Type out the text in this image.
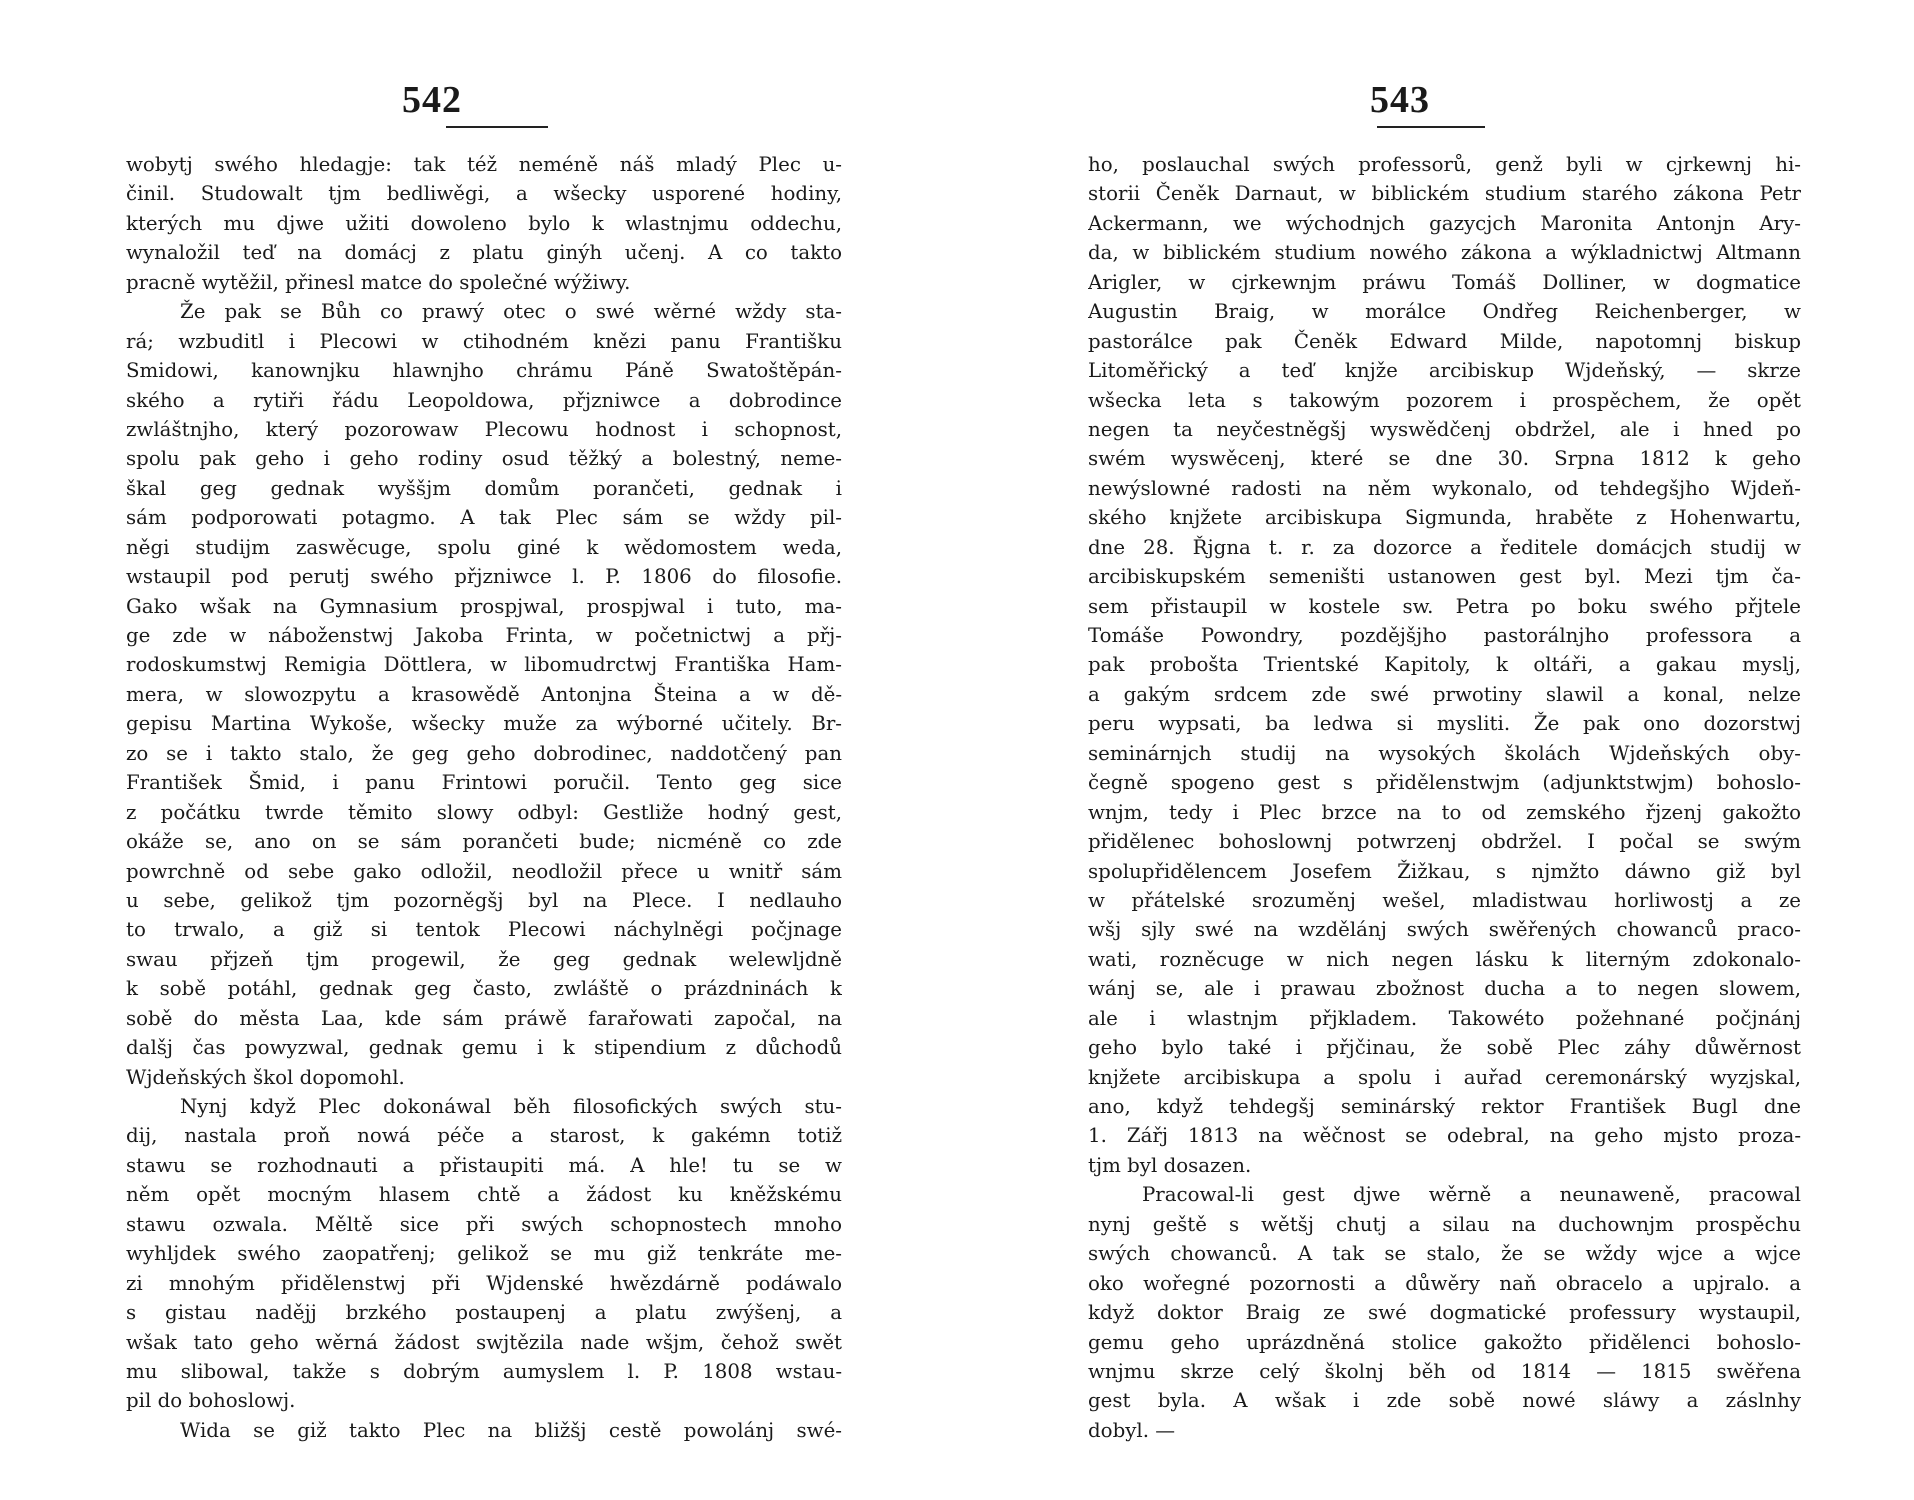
542
wobytj swého hledagje: tak též neméně náš mladý Plec u-
činil. Studowalt tjm bedliwěgi, a wšecky usporené hodiny,
kterých mu djwe užiti dowoleno bylo k wlastnjmu oddechu,
wynaložil teď na domácj z platu ginýh učenj. A co takto
pracně wytěžil, přinesl matce do společné wýžiwy.
Že pak se Bůh co prawý otec o swé wěrné wždy sta-
rá; wzbuditl i Plecowi w ctihodném knězi panu Františku
Smidowi, kanownjku hlawnjho chrámu Páně Swatoštěpán-
ského a rytiři řádu Leopoldowa, přjzniwce a dobrodince
zwláštnjho, který pozorowaw Plecowu hodnost i schopnost,
spolu pak geho i geho rodiny osud těžký a bolestný, neme-
škal geg gednak wyššjm domům porančeti, gednak i
sám podporowati potagmo. A tak Plec sám se wždy pil-
něgi studijm zaswěcuge, spolu giné k wědomostem weda,
wstaupil pod perutj swého přjzniwce l. P. 1806 do filosofie.
Gako wšak na Gymnasium prospjwal, prospjwal i tuto, ma-
ge zde w náboženstwj Jakoba Frinta, w početnictwj a přj-
rodoskumstwj Remigia Döttlera, w libomudrctwj Františka Ham-
mera, w slowozpytu a krasowědě Antonjna Šteina a w dě-
gepisu Martina Wykoše, wšecky muže za wýborné učitely. Br-
zo se i takto stalo, že geg geho dobrodinec, naddotčený pan
František Šmid, i panu Frintowi poručil. Tento geg sice
z počátku twrde těmito slowy odbyl: Gestliže hodný gest,
okáže se, ano on se sám porančeti bude; nicméně co zde
powrchně od sebe gako odložil, neodložil přece u wnitř sám
u sebe, gelikož tjm pozorněgšj byl na Plece. I nedlauho
to trwalo, a giž si tentok Plecowi náchylněgi počjnage
swau přjzeň tjm progewil, že geg gednak welewljdně
k sobě potáhl, gednak geg často, zwláště o prázdninách k
sobě do města Laa, kde sám práwě farařowati započal, na
dalšj čas powyzwal, gednak gemu i k stipendium z důchodů
Wjdeňských škol dopomohl.
Nynj když Plec dokonáwal běh filosofických swých stu-
dij, nastala proň nowá péče a starost, k gakémn totiž
stawu se rozhodnauti a přistaupiti má. A hle! tu se w
něm opět mocným hlasem chtě a žádost ku kněžskému
stawu ozwala. Měltě sice při swých schopnostech mnoho
wyhljdek swého zaopatřenj; gelikož se mu giž tenkráte me-
zi mnohým přidělenstwj při Wjdenské hwězdárně podáwalo
s gistau nadějj brzkého postaupenj a platu zwýšenj, a
wšak tato geho wěrná žádost swjtězila nade wšjm, čehož swět
mu slibowal, takže s dobrým aumyslem l. P. 1808 wstau-
pil do bohoslowj.
Wida se giž takto Plec na bližšj cestě powolánj swé-
543
ho, poslauchal swých professorů, genž byli w cjrkewnj hi-
storii Čeněk Darnaut, w biblickém studium starého zákona Petr
Ackermann, we wýchodnjch gazycjch Maronita Antonjn Ary-
da, w biblickém studium nowého zákona a wýkladnictwj Altmann
Arigler, w cjrkewnjm práwu Tomáš Dolliner, w dogmatice
Augustin Braig, w morálce Ondřeg Reichenberger, w
pastorálce pak Čeněk Edward Milde, napotomnj biskup
Litoměřický a teď knjže arcibiskup Wjdeňský, — skrze
wšecka leta s takowým pozorem i prospěchem, že opět
negen ta neyčestněgšj wyswědčenj obdržel, ale i hned po
swém wyswěcenj, které se dne 30. Srpna 1812 k geho
newýslowné radosti na něm wykonalo, od tehdegšjho Wjdeň-
ského knjžete arcibiskupa Sigmunda, hraběte z Hohenwartu,
dne 28. Řjgna t. r. za dozorce a ředitele domácjch studij w
arcibiskupském semeništi ustanowen gest byl. Mezi tjm ča-
sem přistaupil w kostele sw. Petra po boku swého přjtele
Tomáše Powondry, pozdějšjho pastorálnjho professora a
pak probošta Trientské Kapitoly, k oltáři, a gakau myslj,
a gakým srdcem zde swé prwotiny slawil a konal, nelze
peru wypsati, ba ledwa si mysliti. Že pak ono dozorstwj
seminárnjch studij na wysokých školách Wjdeňských oby-
čegně spogeno gest s přidělenstwjm (adjunktstwjm) bohoslo-
wnjm, tedy i Plec brzce na to od zemského řjzenj gakožto
přidělenec bohoslownj potwrzenj obdržel. I počal se swým
spolupřidělencem Josefem Žižkau, s njmžto dáwno giž byl
w přátelské srozuměnj wešel, mladistwau horliwostj a ze
wšj sjly swé na wzdělánj swých swěřených chowanců praco-
wati, rozněcuge w nich negen lásku k literným zdokonalo-
wánj se, ale i prawau zbožnost ducha a to negen slowem,
ale i wlastnjm přjkladem. Takowéto požehnané počjnánj
geho bylo také i přjčinau, že sobě Plec záhy důwěrnost
knjžete arcibiskupa a spolu i auřad ceremonárský wyzjskal,
ano, když tehdegšj seminárský rektor František Bugl dne
1. Zářj 1813 na wěčnost se odebral, na geho mjsto proza-
tjm byl dosazen.
Pracowal-li gest djwe wěrně a neunaweně, pracowal
nynj geště s wětšj chutj a silau na duchownjm prospěchu
swých chowanců. A tak se stalo, že se wždy wjce a wjce
oko wořegné pozornosti a důwěry naň obracelo a upjralo. a
když doktor Braig ze swé dogmatické professury wystaupil,
gemu geho uprázdněná stolice gakožto přidělenci bohoslo-
wnjmu skrze celý školnj běh od 1814 — 1815 swěřena
gest byla. A wšak i zde sobě nowé sláwy a záslnhy
dobyl. —
